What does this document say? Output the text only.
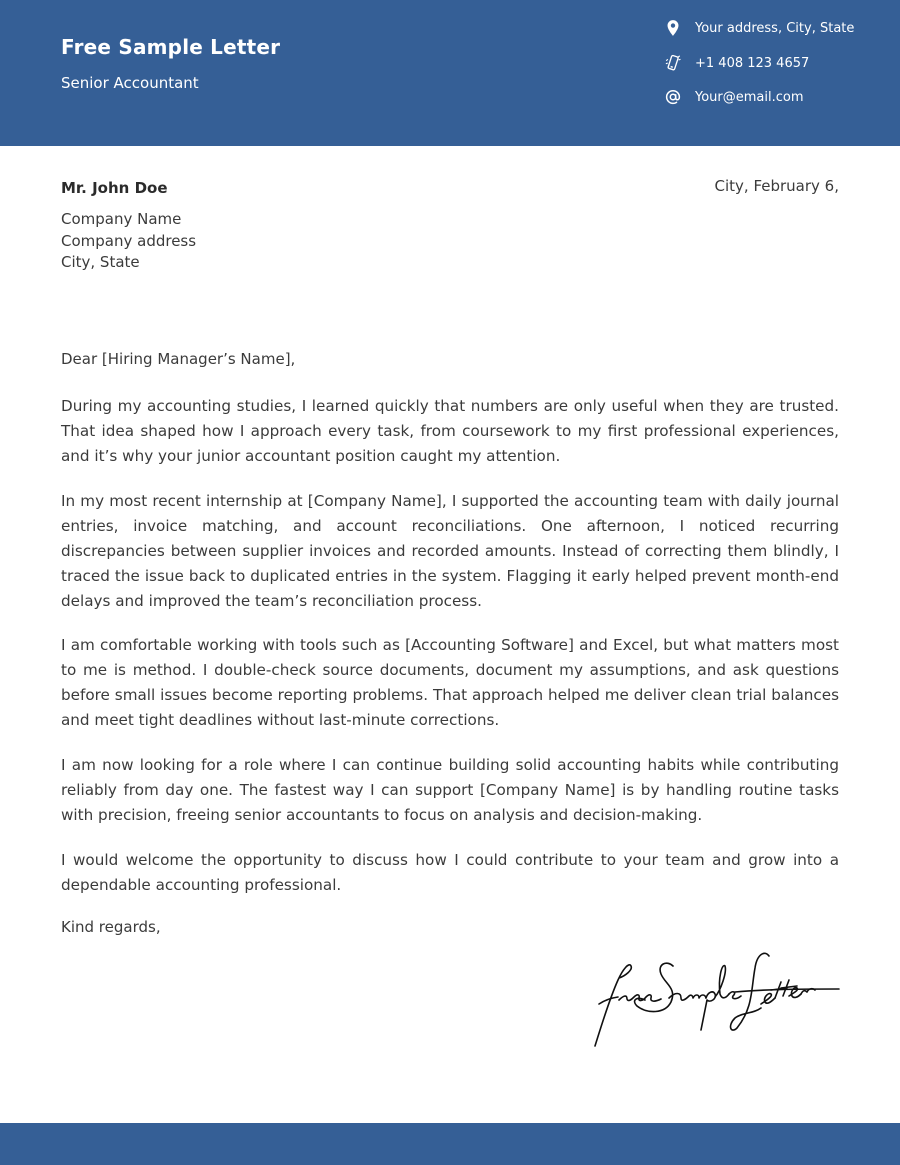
Free Sample Letter
Senior Accountant
Your address, City, State
+1 408 123 4657
Your@email.com
Mr. John Doe	City, February 6,
Company Name
Company address
City, State
Dear [Hiring Manager’s Name],

During my accounting studies, I learned quickly that numbers are only useful when they are trusted. That idea shaped how I approach every task, from coursework to my first professional experiences, and it’s why your junior accountant position caught my attention.

In my most recent internship at [Company Name], I supported the accounting team with daily journal entries, invoice matching, and account reconciliations. One afternoon, I noticed recurring discrepancies between supplier invoices and recorded amounts. Instead of correcting them blindly, I traced the issue back to duplicated entries in the system. Flagging it early helped prevent month-end delays and improved the team’s reconciliation process.

I am comfortable working with tools such as [Accounting Software] and Excel, but what matters most to me is method. I double-check source documents, document my assumptions, and ask questions before small issues become reporting problems. That approach helped me deliver clean trial balances and meet tight deadlines without last-minute corrections.

I am now looking for a role where I can continue building solid accounting habits while contributing reliably from day one. The fastest way I can support [Company Name] is by handling routine tasks with precision, freeing senior accountants to focus on analysis and decision-making.

I would welcome the opportunity to discuss how I could contribute to your team and grow into a dependable accounting professional.

Kind regards,
